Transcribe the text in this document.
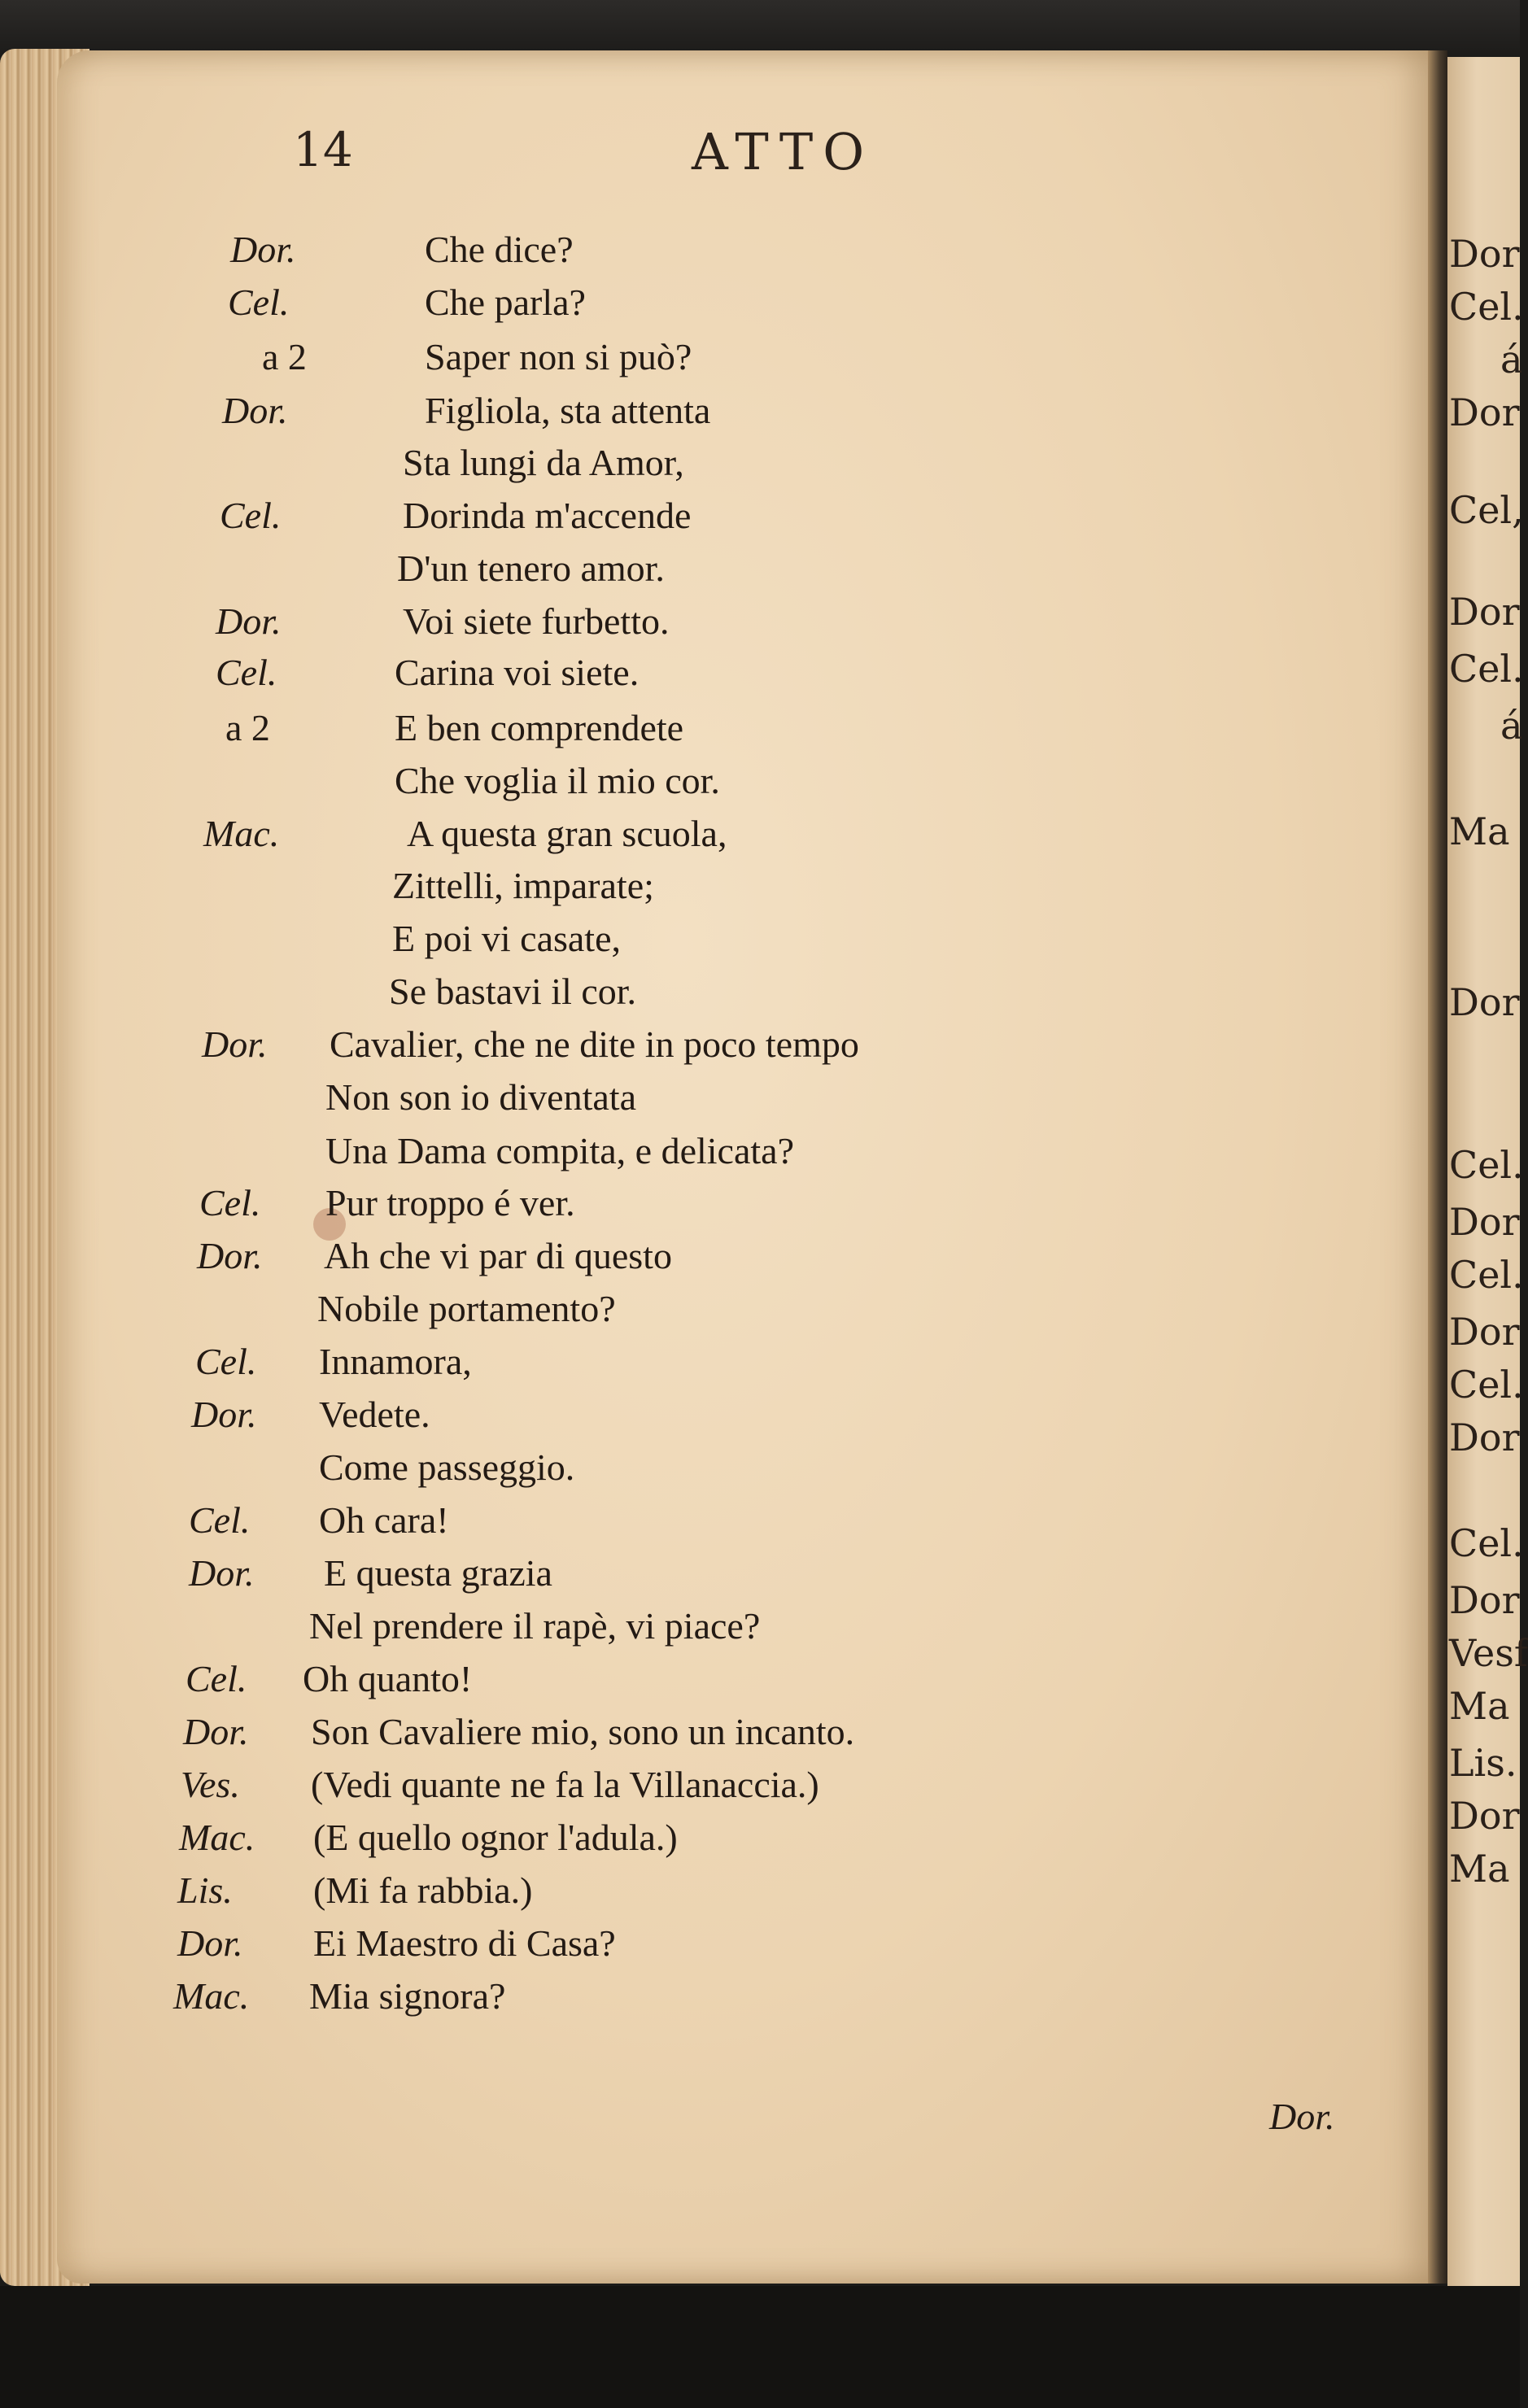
Dor
Cel.
á
Dor
Cel,
Dor
Cel.
á
Ma
Dor
Cel.
Dor
Cel.
Dor
Cel.
Dor
Cel.
Dor
Vesf
Ma
Lis.
Dor
Ma
14	ATTO
Dor.	Che dice?
Cel.	Che parla?
a 2	Saper non si può?
Dor.	Figliola, sta attenta
Sta lungi da Amor,
Cel.	Dorinda m'accende
D'un tenero amor.
Dor.	Voi siete furbetto.
Cel.	Carina voi siete.
a 2	E ben comprendete
Che voglia il mio cor.
Mac.	A questa gran scuola,
Zittelli, imparate;
E poi vi casate,
Se bastavi il cor.
Dor. Cavalier, che ne dite in poco tempo
Non son io diventata
Una Dama compita, e delicata?
Cel. Pur troppo é ver.
Dor. Ah che vi par di questo
Nobile portamento?
Cel. Innamora,
Dor. Vedete.
Come passeggio.
Cel. Oh cara!
Dor. E questa grazia
Nel prendere il rapè, vi piace?
Cel. Oh quanto!
Dor. Son Cavaliere mio, sono un incanto.
Ves. (Vedi quante ne fa la Villanaccia.)
Mac. (E quello ognor l'adula.)
Lis. (Mi fa rabbia.)
Dor. Ei Maestro di Casa?
Mac. Mia signora?
Dor.
